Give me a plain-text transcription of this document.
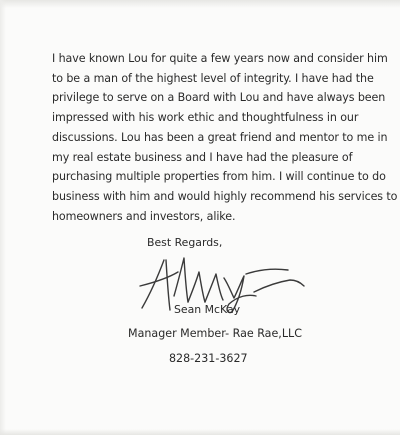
I have known Lou for quite a few years now and consider him
to be a man of the highest level of integrity. I have had the
privilege to serve on a Board with Lou and have always been
impressed with his work ethic and thoughtfulness in our
discussions. Lou has been a great friend and mentor to me in
my real estate business and I have had the pleasure of
purchasing multiple properties from him. I will continue to do
business with him and would highly recommend his services to
homeowners and investors, alike.

Best Regards,
Sean McKay
Manager Member- Rae Rae,LLC
828-231-3627
